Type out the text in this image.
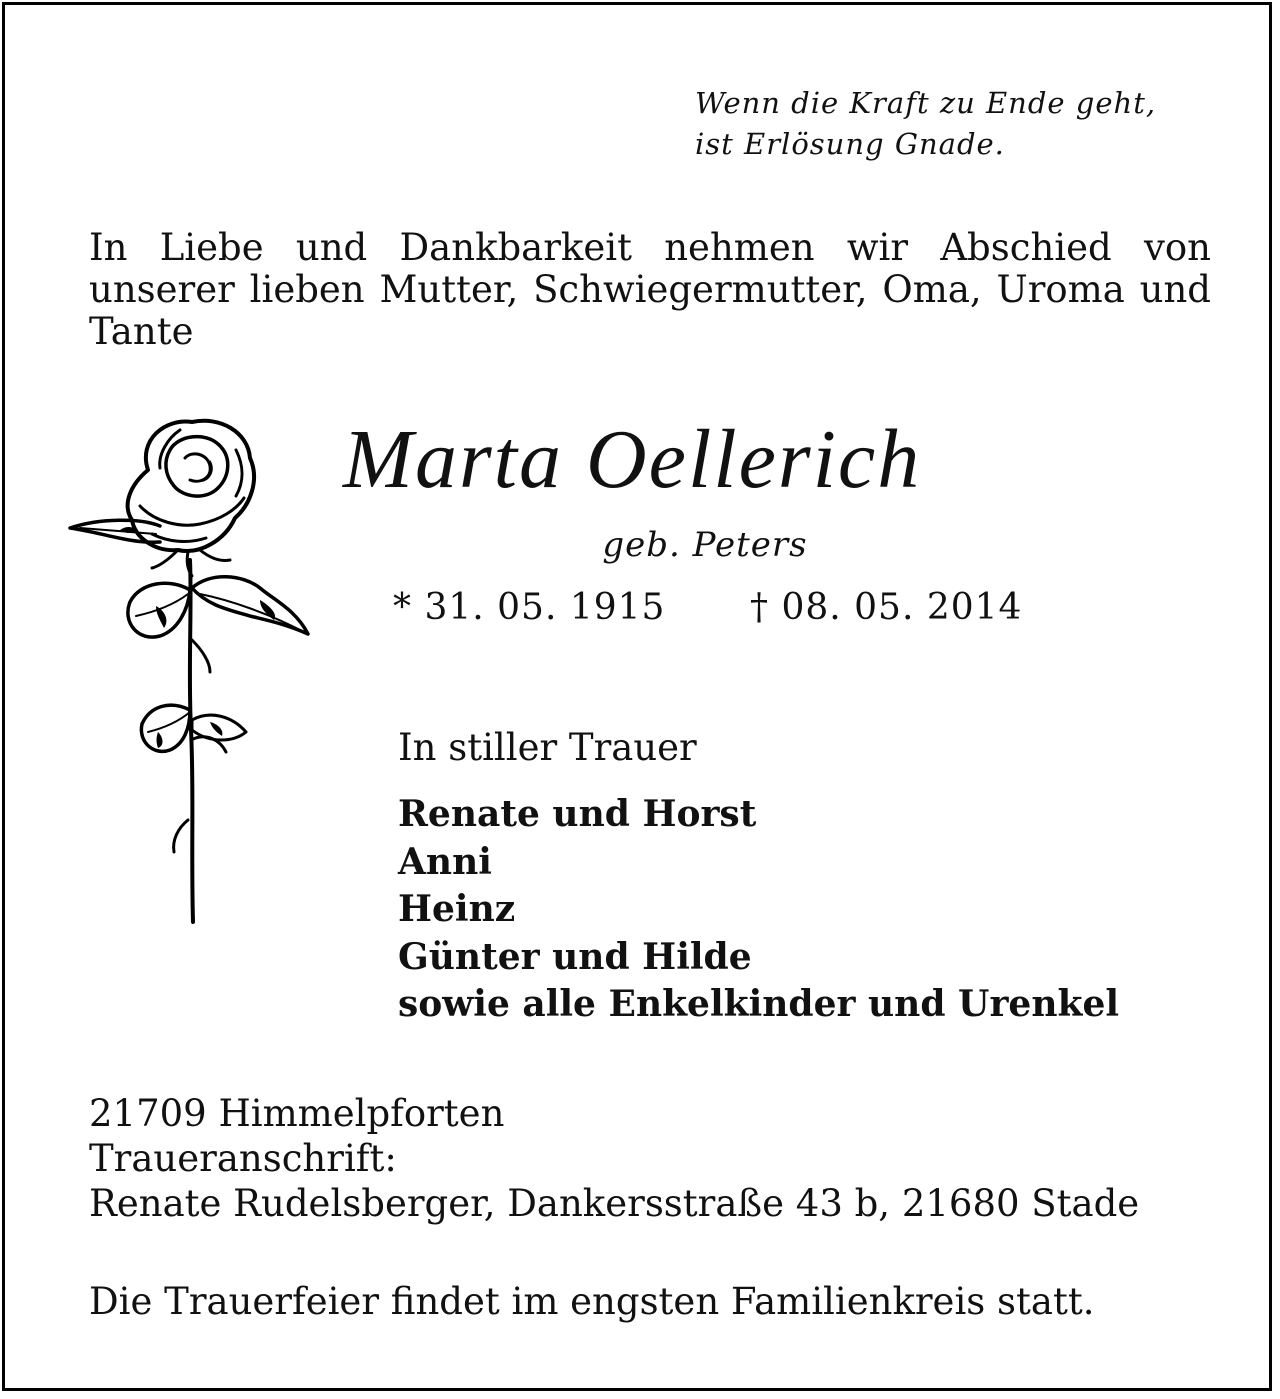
Wenn die Kraft zu Ende geht,
ist Erlösung Gnade.
In Liebe und Dankbarkeit nehmen wir Abschied von unserer lieben Mutter, Schwiegermutter, Oma, Uroma und Tante
Marta Oellerich
geb. Peters
* 31. 05. 1915 † 08. 05. 2014
In stiller Trauer
Renate und Horst
Anni
Heinz
Günter und Hilde
sowie alle Enkelkinder und Urenkel
21709 Himmelpforten
Traueranschrift:
Renate Rudelsberger, Dankersstraße 43 b, 21680 Stade
Die Trauerfeier findet im engsten Familienkreis statt.
